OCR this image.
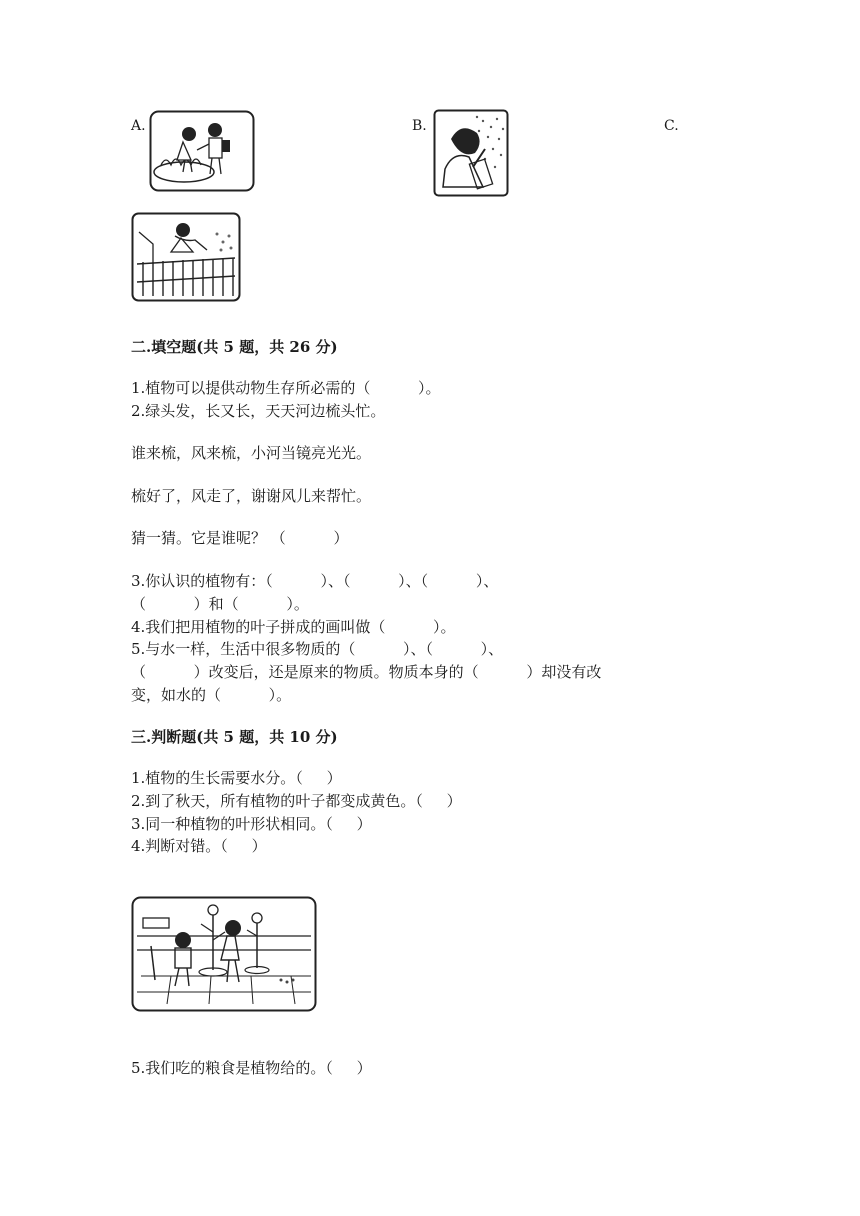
A.	B.	C.
二.填空题(共 5 题，共 26 分)
1.植物可以提供动物生存所必需的（          ）。
2.绿头发，长又长，天天河边梳头忙。
谁来梳，风来梳，小河当镜亮光光。
梳好了，风走了，谢谢风儿来帮忙。
猜一猜。它是谁呢？ （          ）
3.你认识的植物有：（          ）、（          ）、（          ）、
（          ）和（          ）。
4.我们把用植物的叶子拼成的画叫做（          ）。
5.与水一样，生活中很多物质的（          ）、（          ）、
（          ）改变后，还是原来的物质。物质本身的（          ）却没有改
变，如水的（          ）。
三.判断题(共 5 题，共 10 分)
1.植物的生长需要水分。（     ）
2.到了秋天，所有植物的叶子都变成黄色。（     ）
3.同一种植物的叶形状相同。（     ）
4.判断对错。（     ）
5.我们吃的粮食是植物给的。（     ）
